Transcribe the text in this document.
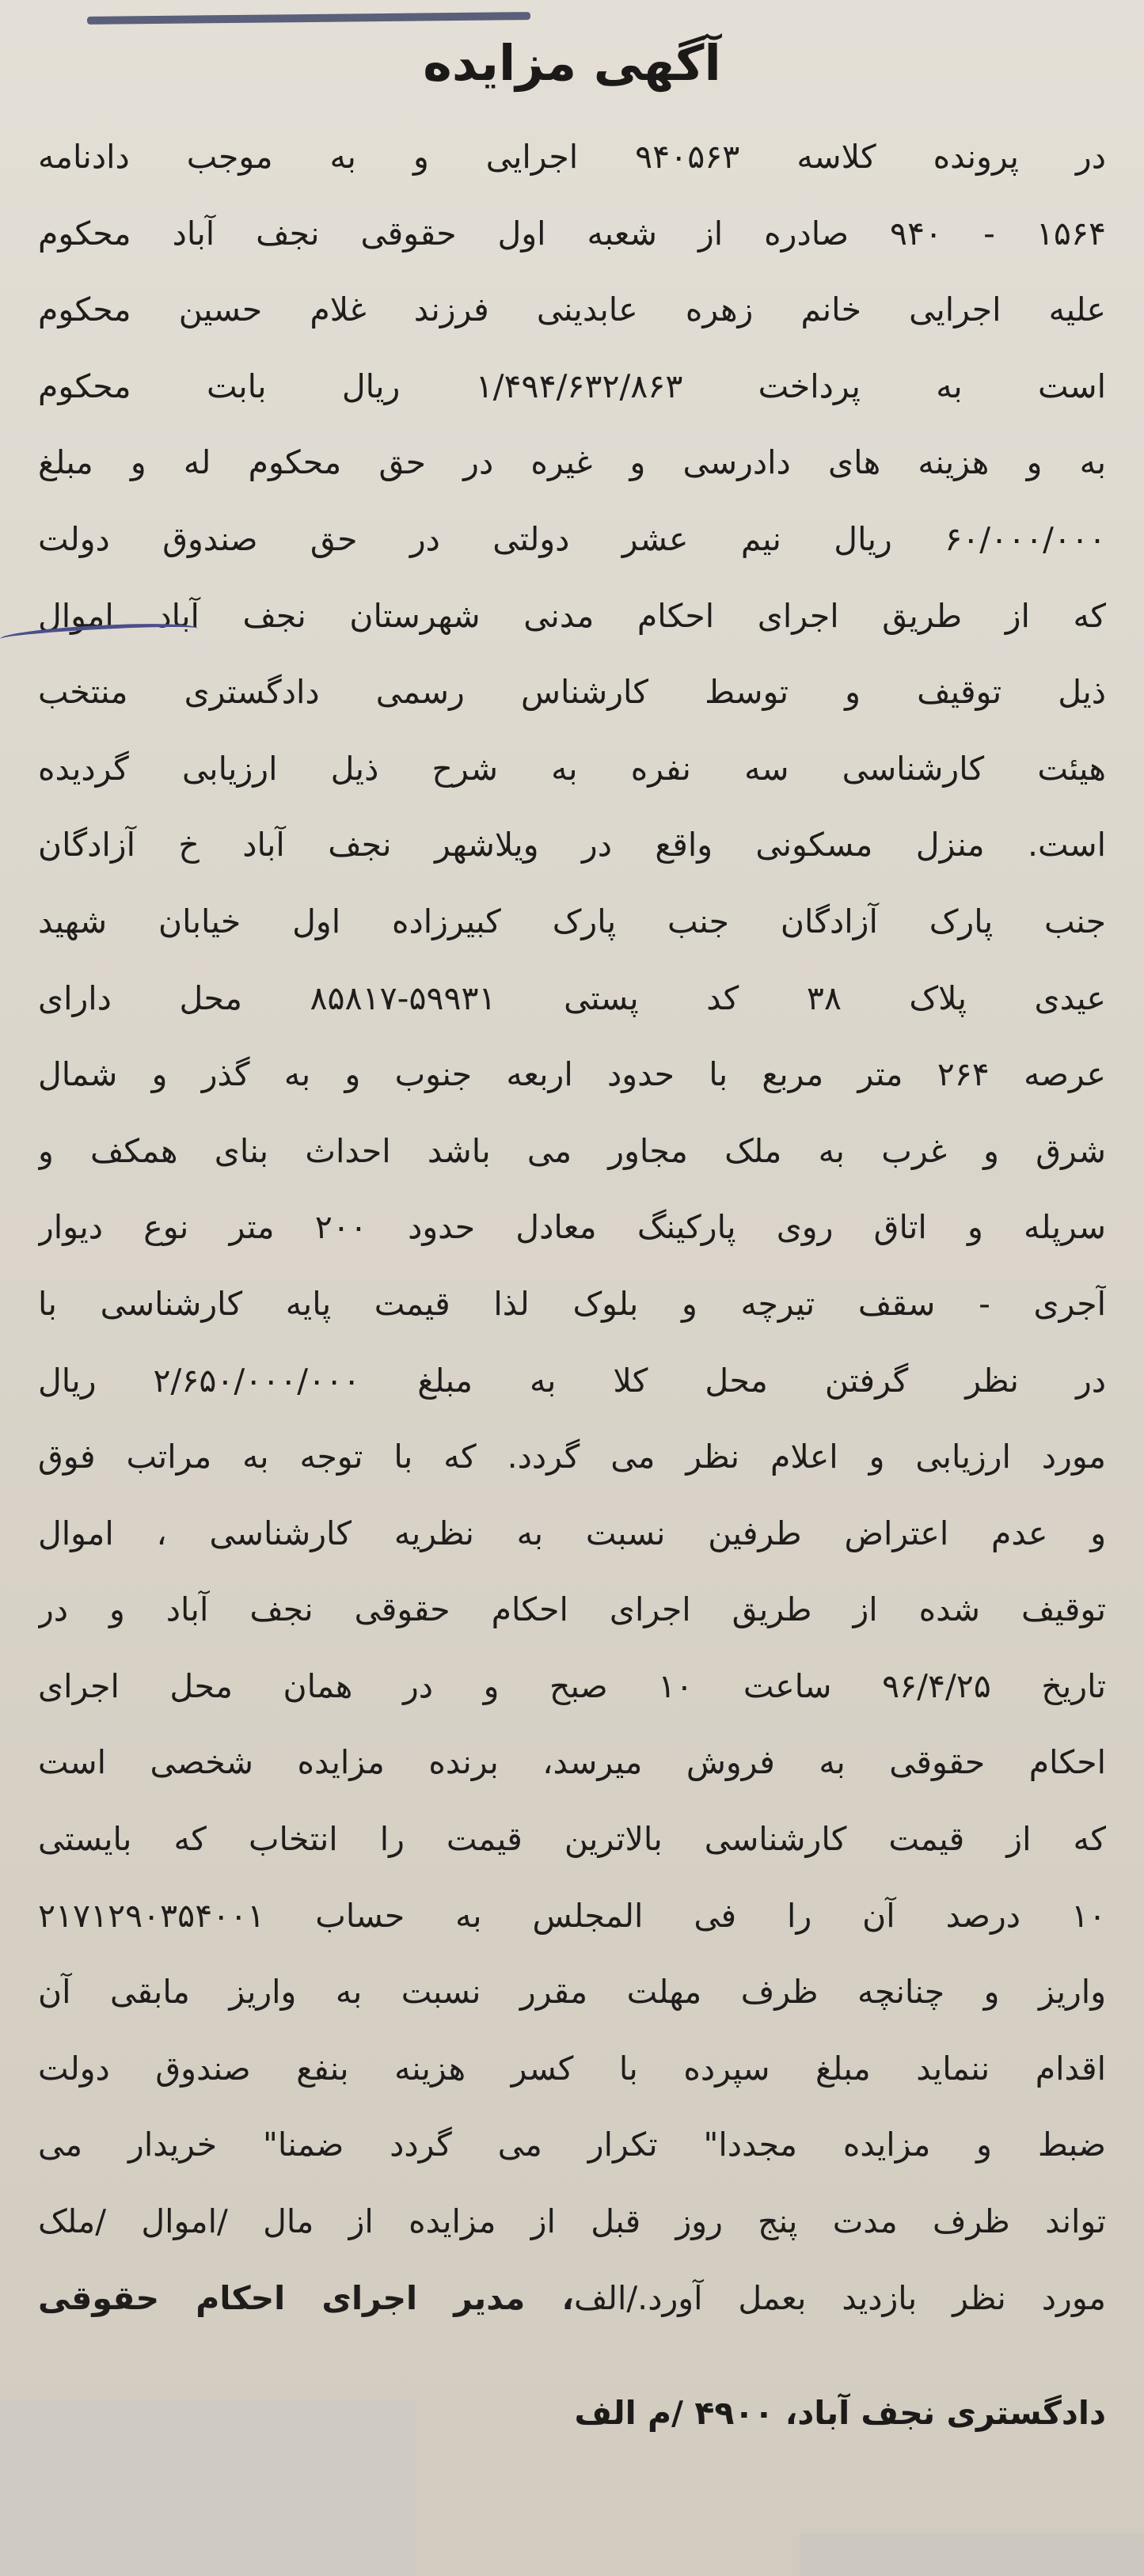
آگهی مزایده
در پرونده کلاسه ۹۴۰۵۶۳ اجرایی و به موجب دادنامه
۱۵۶۴ - ۹۴۰ صادره از شعبه اول حقوقی نجف آباد محکوم
علیه اجرایی خانم زهره عابدینی فرزند غلام حسین محکوم
است به پرداخت ۱/۴۹۴/۶۳۲/۸۶۳ ریال بابت محکوم
به و هزینه های دادرسی و غیره در حق محکوم له و مبلغ
۶۰/۰۰۰/۰۰۰ ریال نیم عشر دولتی در حق صندوق دولت
که از طریق اجرای احکام مدنی شهرستان نجف آباد اموال
ذیل توقیف و توسط کارشناس رسمی دادگستری منتخب
هیئت کارشناسی سه نفره به شرح ذیل ارزیابی گردیده
است. منزل مسکونی واقع در ویلاشهر نجف آباد خ آزادگان
جنب پارک آزادگان جنب پارک کبیرزاده اول خیابان شهید
عیدی پلاک ۳۸ کد پستی ۵۹۹۳۱-۸۵۸۱۷ محل دارای
عرصه ۲۶۴ متر مربع با حدود اربعه جنوب و به گذر و شمال
شرق و غرب به ملک مجاور می باشد احداث بنای همکف و
سرپله و اتاق روی پارکینگ معادل حدود ۲۰۰ متر نوع دیوار
آجری - سقف تیرچه و بلوک لذا قیمت پایه کارشناسی با
در نظر گرفتن محل کلا به مبلغ ۲/۶۵۰/۰۰۰/۰۰۰ ریال
مورد ارزیابی و اعلام نظر می گردد. که با توجه به مراتب فوق
و عدم اعتراض طرفین نسبت به نظریه کارشناسی ، اموال
توقیف شده از طریق اجرای احکام حقوقی نجف آباد و در
تاریخ ۹۶/۴/۲۵ ساعت ۱۰ صبح و در همان محل اجرای
احکام حقوقی به فروش میرسد، برنده مزایده شخصی است
که از قیمت کارشناسی بالاترین قیمت را انتخاب که بایستی
۱۰ درصد آن را فی المجلس به حساب ۲۱۷۱۲۹۰۳۵۴۰۰۱
واریز و چنانچه ظرف مهلت مقرر نسبت به واریز مابقی آن
اقدام ننماید مبلغ سپرده با کسر هزینه بنفع صندوق دولت
ضبط و مزایده مجددا" تکرار می گردد ضمنا" خریدار می
تواند ظرف مدت پنج روز قبل از مزایده از مال /اموال /ملک
مورد نظر بازدید بعمل آورد./الف، مدیر اجرای احکام حقوقی
دادگستری نجف آباد، ۴۹۰۰ /م الف
